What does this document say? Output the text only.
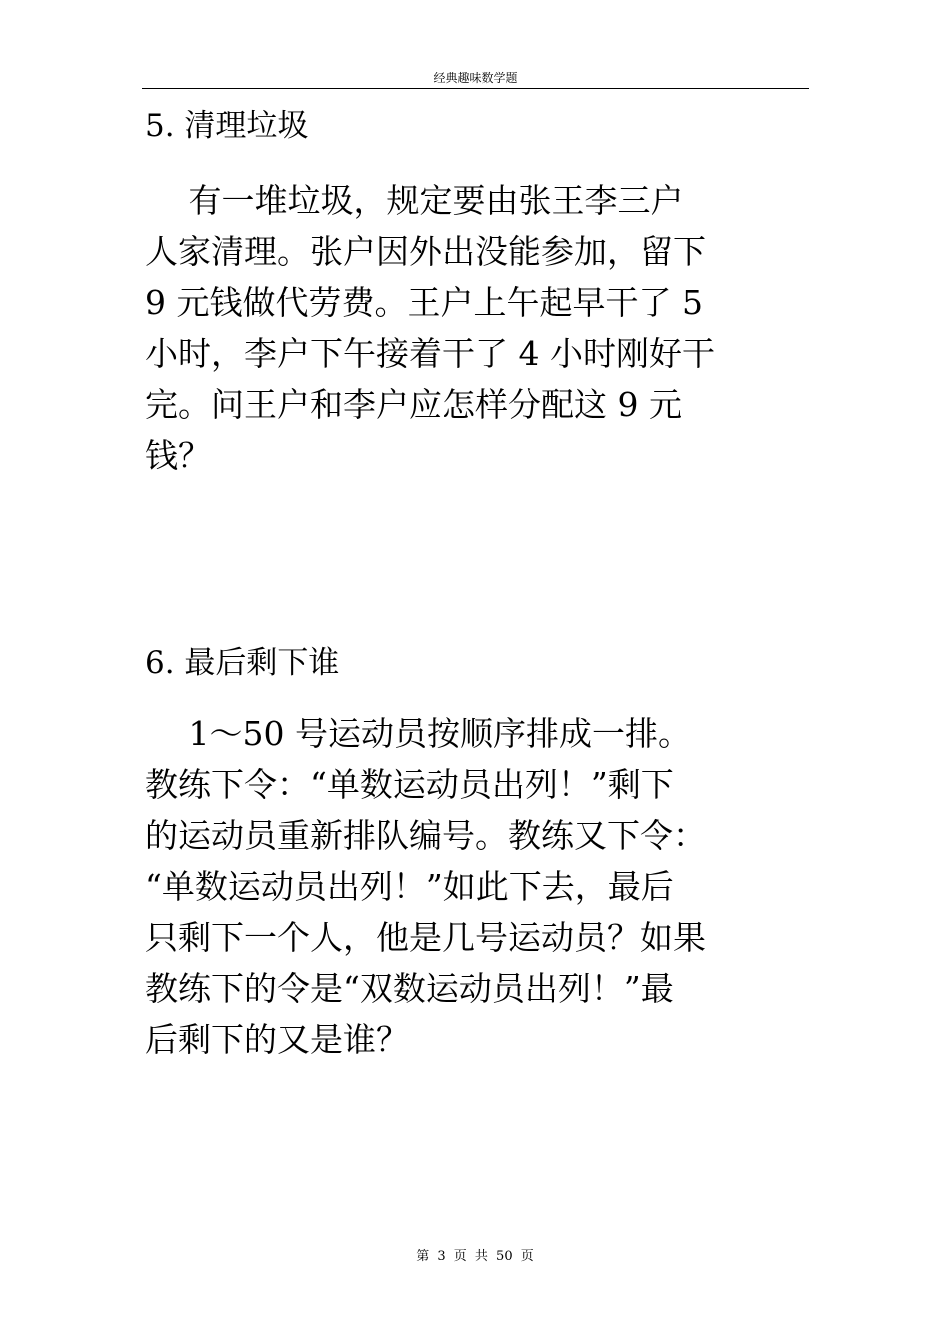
经典趣味数学题
5. 清理垃圾
　 有一堆垃圾，规定要由张王李三户
人家清理。张户因外出没能参加，留下
9 元钱做代劳费。王户上午起早干了 5
小时，李户下午接着干了 4 小时刚好干
完。问王户和李户应怎样分配这 9 元
钱？
6. 最后剩下谁
　 1～50 号运动员按顺序排成一排。
教练下令：“单数运动员出列！”剩下
的运动员重新排队编号。教练又下令：
“单数运动员出列！”如此下去，最后
只剩下一个人，他是几号运动员？如果
教练下的令是“双数运动员出列！”最
后剩下的又是谁？
第 3 页 共 50 页
